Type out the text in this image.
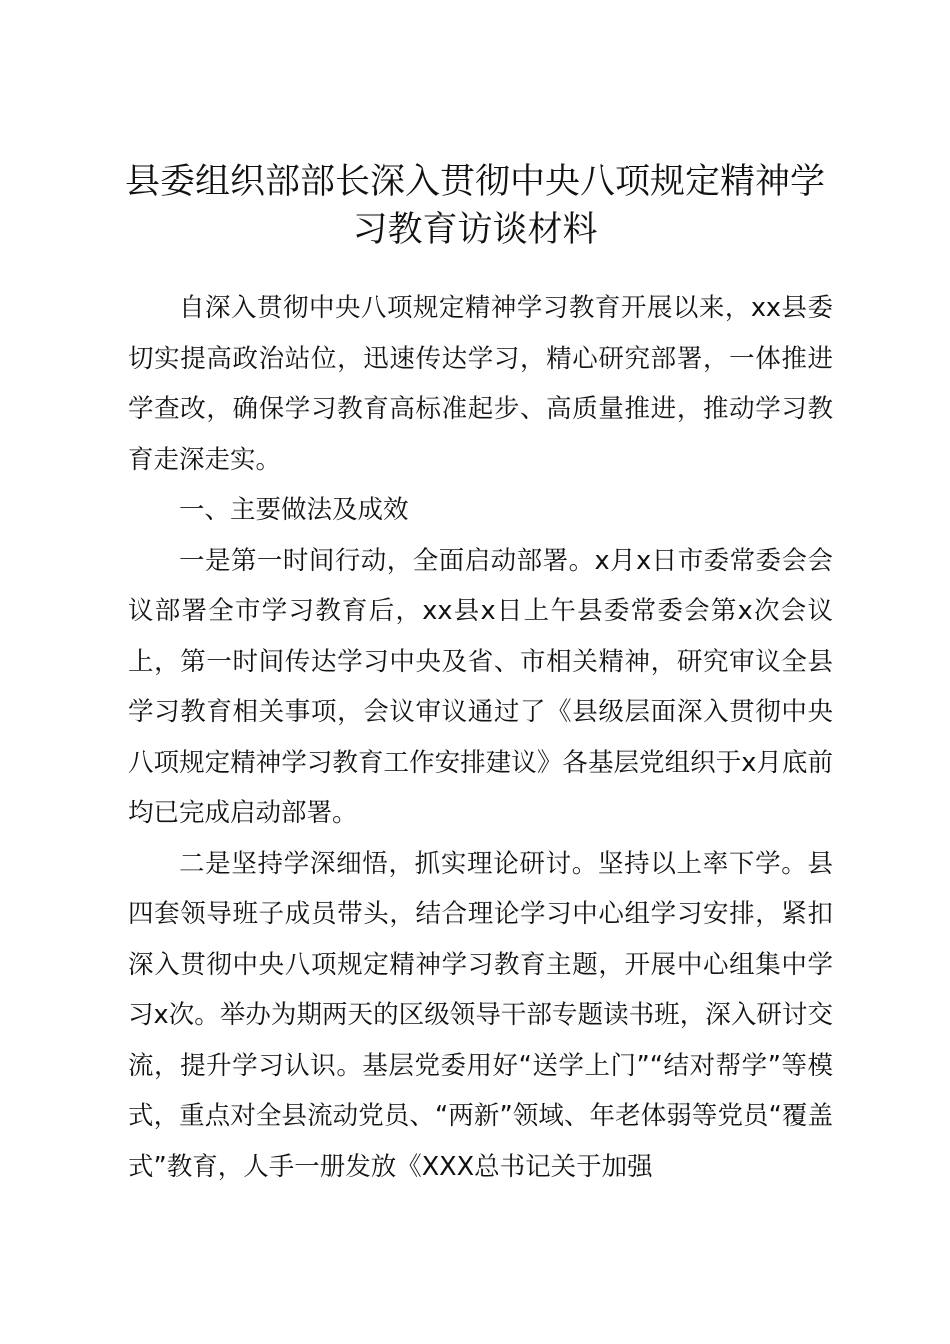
县委组织部部长深入贯彻中央八项规定精神学习教育访谈材料

自深入贯彻中央八项规定精神学习教育开展以来，xx县委切实提高政治站位，迅速传达学习，精心研究部署，一体推进学查改，确保学习教育高标准起步、高质量推进，推动学习教育走深走实。

一、主要做法及成效

一是第一时间行动，全面启动部署。x月x日市委常委会会议部署全市学习教育后，xx县x日上午县委常委会第x次会议上，第一时间传达学习中央及省、市相关精神，研究审议全县学习教育相关事项，会议审议通过了《县级层面深入贯彻中央八项规定精神学习教育工作安排建议》各基层党组织于x月底前均已完成启动部署。

二是坚持学深细悟，抓实理论研讨。坚持以上率下学。县四套领导班子成员带头，结合理论学习中心组学习安排，紧扣深入贯彻中央八项规定精神学习教育主题，开展中心组集中学习x次。举办为期两天的区级领导干部专题读书班，深入研讨交流，提升学习认识。基层党委用好“送学上门”“结对帮学”等模式，重点对全县流动党员、“两新”领域、年老体弱等党员“覆盖式”教育，人手一册发放《XXX总书记关于加强
